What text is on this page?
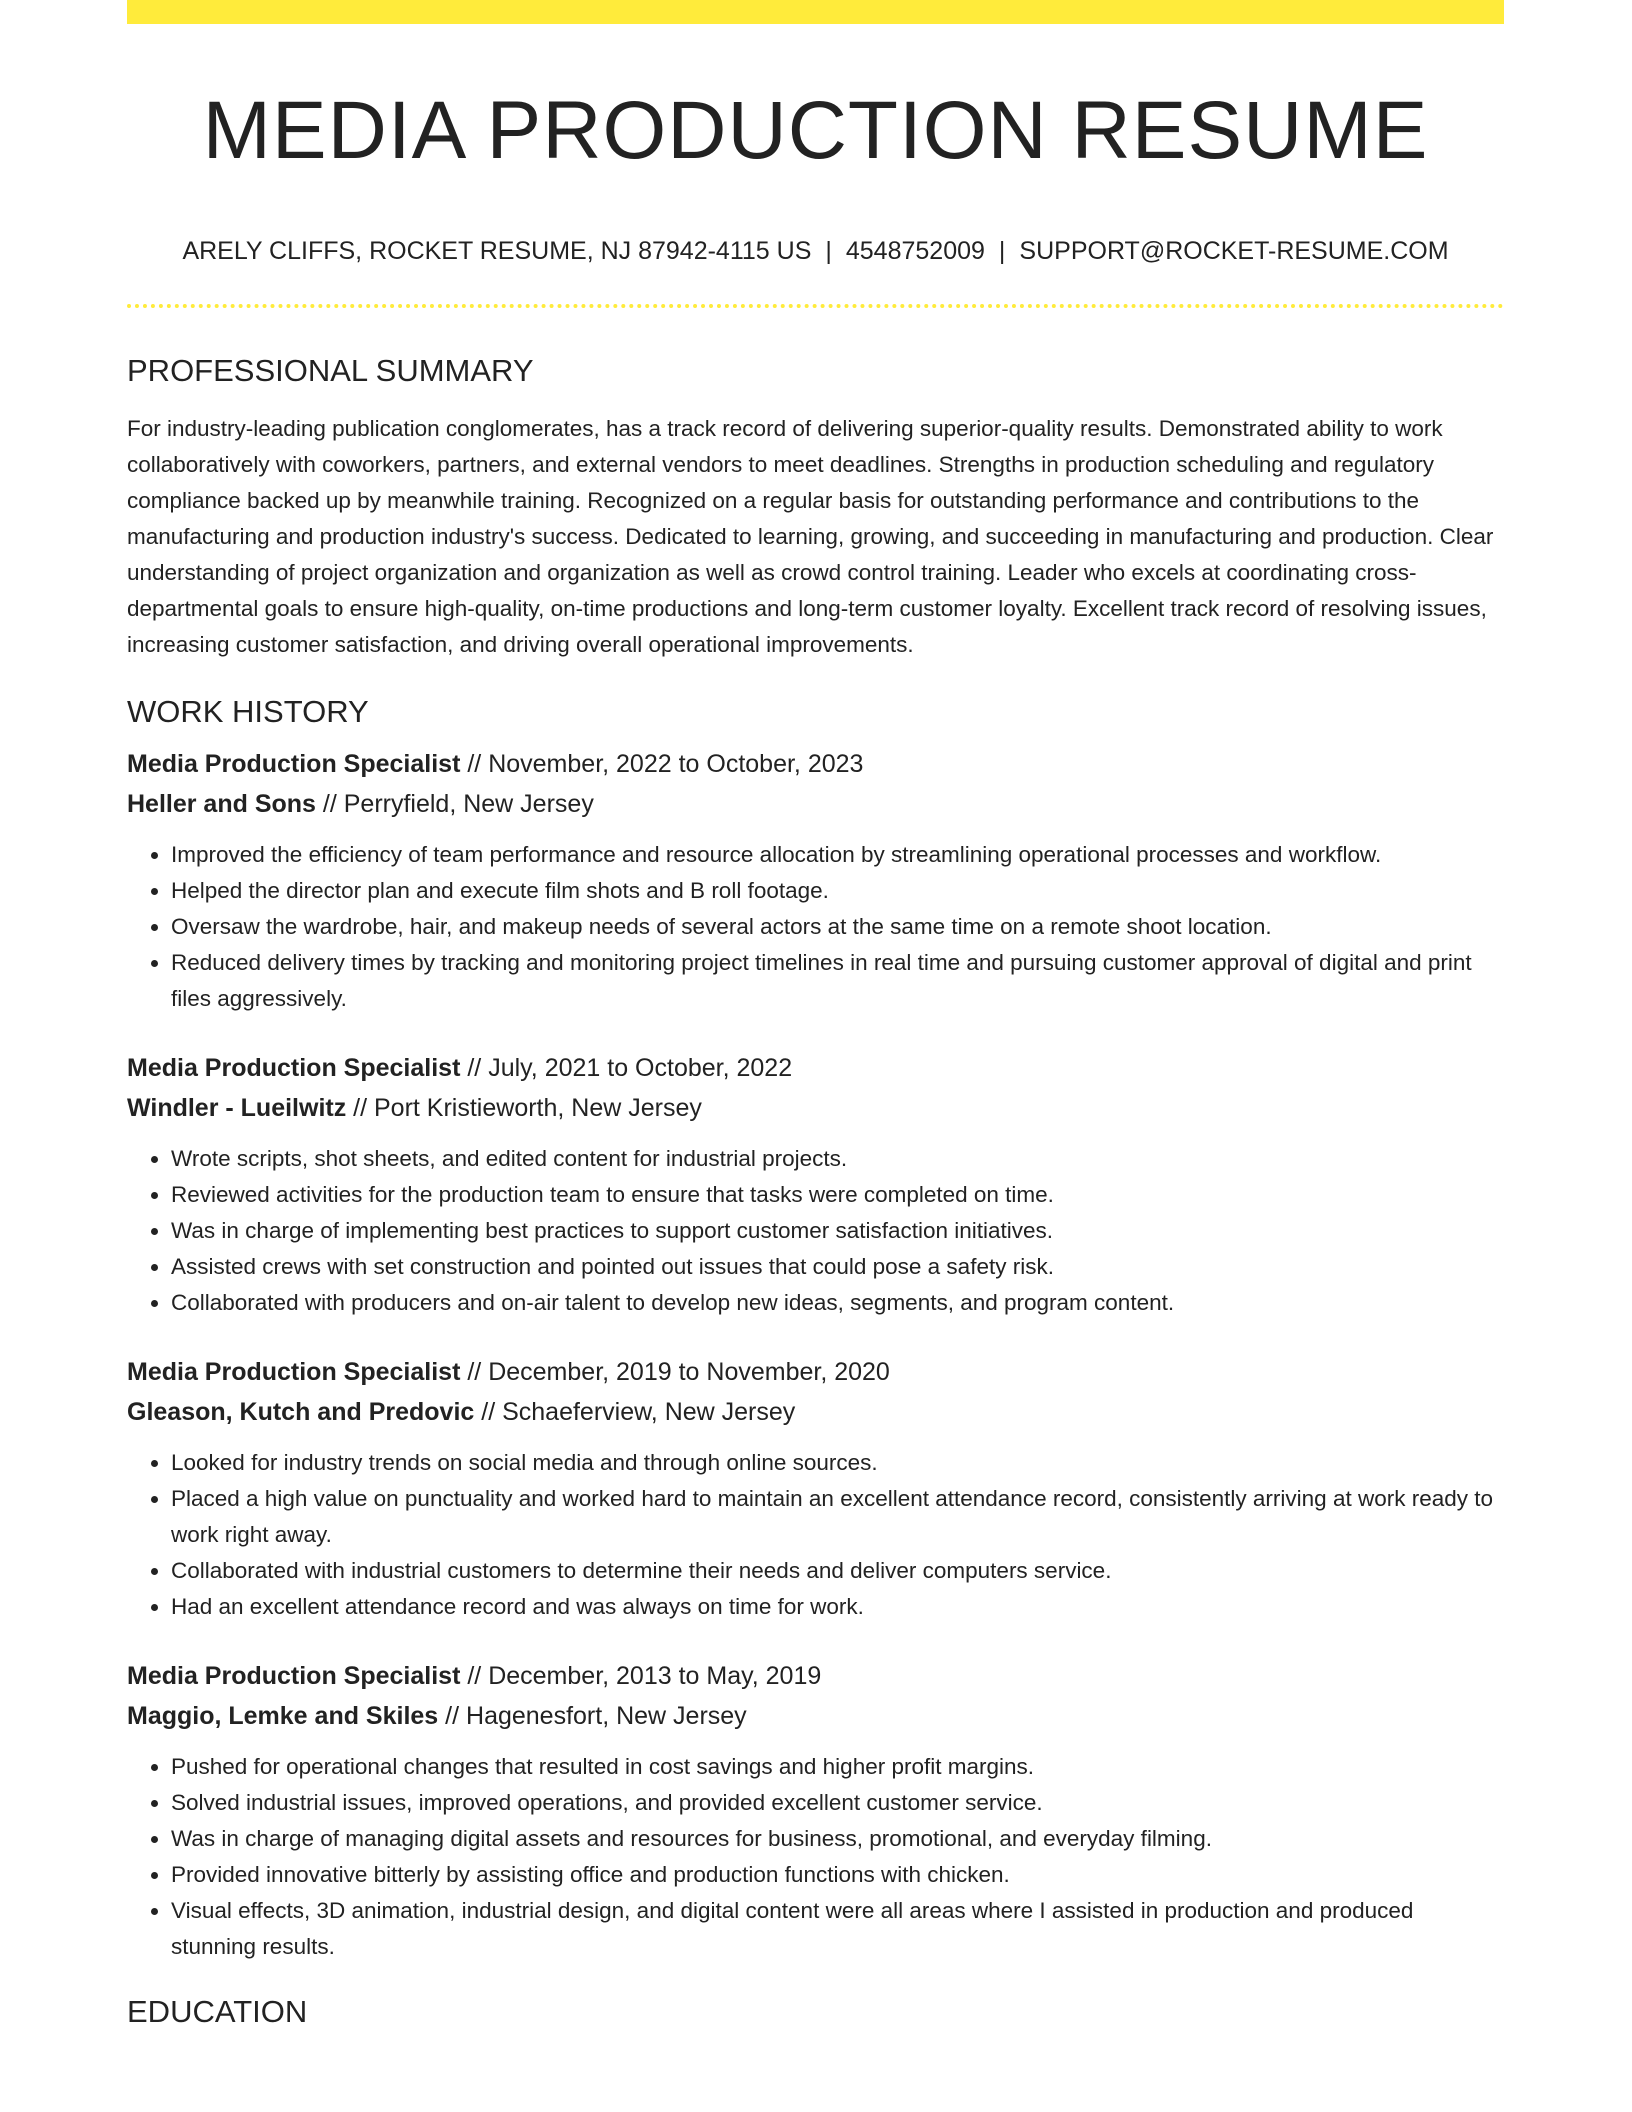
MEDIA PRODUCTION RESUME
ARELY CLIFFS, ROCKET RESUME, NJ 87942-4115 US | 4548752009 | SUPPORT@ROCKET-RESUME.COM
PROFESSIONAL SUMMARY

For industry-leading publication conglomerates, has a track record of delivering superior-quality results. Demonstrated ability to work collaboratively with coworkers, partners, and external vendors to meet deadlines. Strengths in production scheduling and regulatory compliance backed up by meanwhile training. Recognized on a regular basis for outstanding performance and contributions to the manufacturing and production industry's success. Dedicated to learning, growing, and succeeding in manufacturing and production. Clear understanding of project organization and organization as well as crowd control training. Leader who excels at coordinating cross-departmental goals to ensure high-quality, on-time productions and long-term customer loyalty. Excellent track record of resolving issues, increasing customer satisfaction, and driving overall operational improvements.

WORK HISTORY
Media Production Specialist // November, 2022 to October, 2023
Heller and Sons // Perryfield, New Jersey
• Improved the efficiency of team performance and resource allocation by streamlining operational processes and workflow.
• Helped the director plan and execute film shots and B roll footage.
• Oversaw the wardrobe, hair, and makeup needs of several actors at the same time on a remote shoot location.
• Reduced delivery times by tracking and monitoring project timelines in real time and pursuing customer approval of digital and print files aggressively.
Media Production Specialist // July, 2021 to October, 2022
Windler - Lueilwitz // Port Kristieworth, New Jersey
• Wrote scripts, shot sheets, and edited content for industrial projects.
• Reviewed activities for the production team to ensure that tasks were completed on time.
• Was in charge of implementing best practices to support customer satisfaction initiatives.
• Assisted crews with set construction and pointed out issues that could pose a safety risk.
• Collaborated with producers and on-air talent to develop new ideas, segments, and program content.
Media Production Specialist // December, 2019 to November, 2020
Gleason, Kutch and Predovic // Schaeferview, New Jersey
• Looked for industry trends on social media and through online sources.
• Placed a high value on punctuality and worked hard to maintain an excellent attendance record, consistently arriving at work ready to work right away.
• Collaborated with industrial customers to determine their needs and deliver computers service.
• Had an excellent attendance record and was always on time for work.
Media Production Specialist // December, 2013 to May, 2019
Maggio, Lemke and Skiles // Hagenesfort, New Jersey
• Pushed for operational changes that resulted in cost savings and higher profit margins.
• Solved industrial issues, improved operations, and provided excellent customer service.
• Was in charge of managing digital assets and resources for business, promotional, and everyday filming.
• Provided innovative bitterly by assisting office and production functions with chicken.
• Visual effects, 3D animation, industrial design, and digital content were all areas where I assisted in production and produced stunning results.
EDUCATION
